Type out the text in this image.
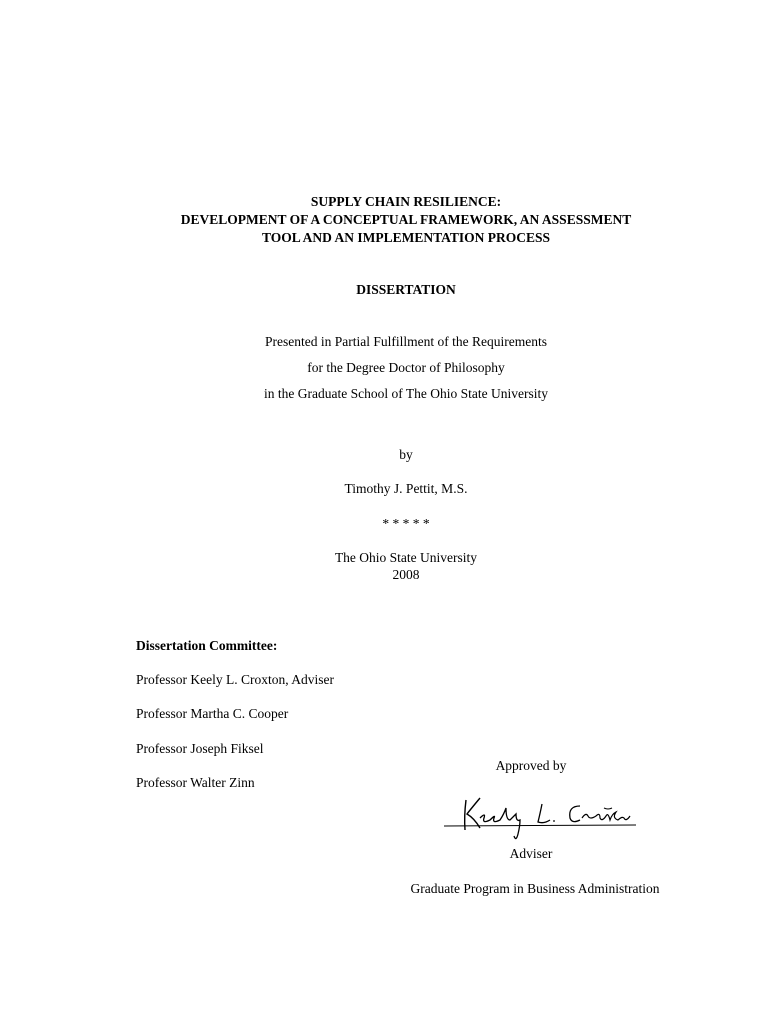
SUPPLY CHAIN RESILIENCE:
DEVELOPMENT OF A CONCEPTUAL FRAMEWORK, AN ASSESSMENT
TOOL AND AN IMPLEMENTATION PROCESS
DISSERTATION
Presented in Partial Fulfillment of the Requirements
for the Degree Doctor of Philosophy
in the Graduate School of The Ohio State University
by
Timothy J. Pettit, M.S.
* * * * *
The Ohio State University
2008
Dissertation Committee:
Professor Keely L. Croxton, Adviser
Professor Martha C. Cooper
Professor Joseph Fiksel
Professor Walter Zinn
Approved by
Adviser
Graduate Program in Business Administration
